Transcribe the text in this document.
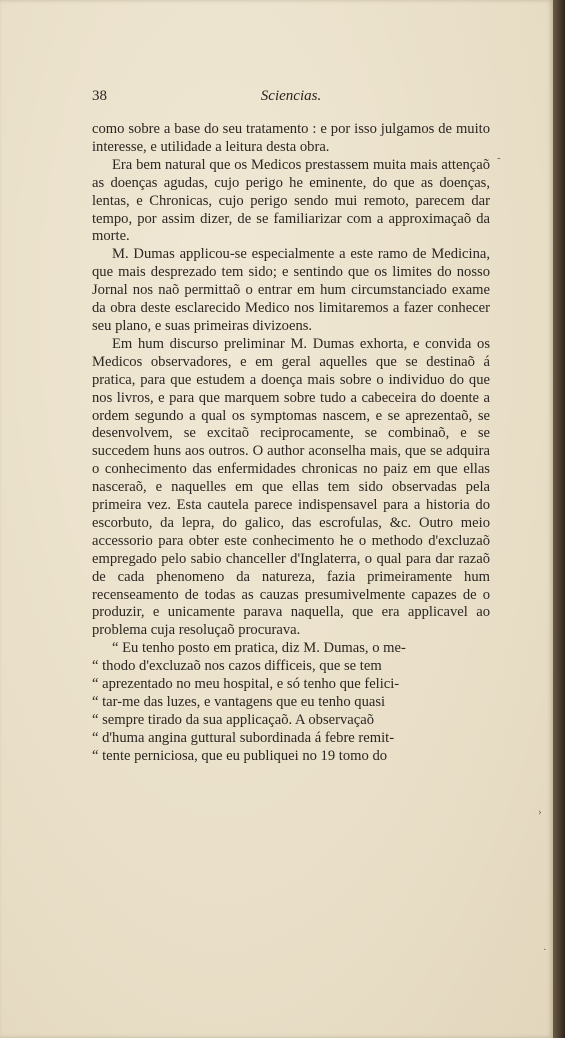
38	Sciencias.

como sobre a base do seu tratamento : e por isso julgamos de muito interesse, e utilidade a leitura desta obra.

Era bem natural que os Medicos prestassem muita mais attençaõ as doenças agudas, cujo perigo he eminente, do que as doenças, lentas, e Chronicas, cujo perigo sendo mui remoto, parecem dar tempo, por assim dizer, de se familiarizar com a approximaçaõ da morte.

M. Dumas applicou-se especialmente a este ramo de Medicina, que mais desprezado tem sido; e sentindo que os limites do nosso Jornal nos naõ permittaõ o entrar em hum circumstanciado exame da obra deste esclarecido Medico nos limitaremos a fazer conhecer seu plano, e suas primeiras divizoens.

Em hum discurso preliminar M. Dumas exhorta, e convida os Medicos observadores, e em geral aquelles que se destinaõ á pratica, para que estudem a doença mais sobre o individuo do que nos livros, e para que marquem sobre tudo a cabeceira do doente a ordem segundo a qual os symptomas nascem, e se aprezentaõ, se desenvolvem, se excitaõ reciprocamente, se combinaõ, e se succedem huns aos outros. O author aconselha mais, que se adquira o conhecimento das enfermidades chronicas no paiz em que ellas nasceraõ, e naquelles em que ellas tem sido observadas pela primeira vez. Esta cautela parece indispensavel para a historia do escorbuto, da lepra, do galico, das escrofulas, &c. Outro meio accessorio para obter este conhecimento he o methodo d'excluzaõ empregado pelo sabio chanceller d'Inglaterra, o qual para dar razaõ de cada phenomeno da natureza, fazia primeiramente hum recenseamento de todas as cauzas presumivelmente capazes de o produzir, e unicamente parava naquella, que era applicavel ao problema cuja resoluçaõ procurava.

“ Eu tenho posto em pratica, diz M. Dumas, o me-
“ thodo d'excluzaõ nos cazos difficeis, que se tem
“ aprezentado no meu hospital, e só tenho que felici-
“ tar-me das luzes, e vantagens que eu tenho quasi
“ sempre tirado da sua applicaçaõ. A observaçaõ
“ d'huma angina guttural subordinada á febre remit-
“ tente perniciosa, que eu publiquei no 19 tomo do
-
›
·
